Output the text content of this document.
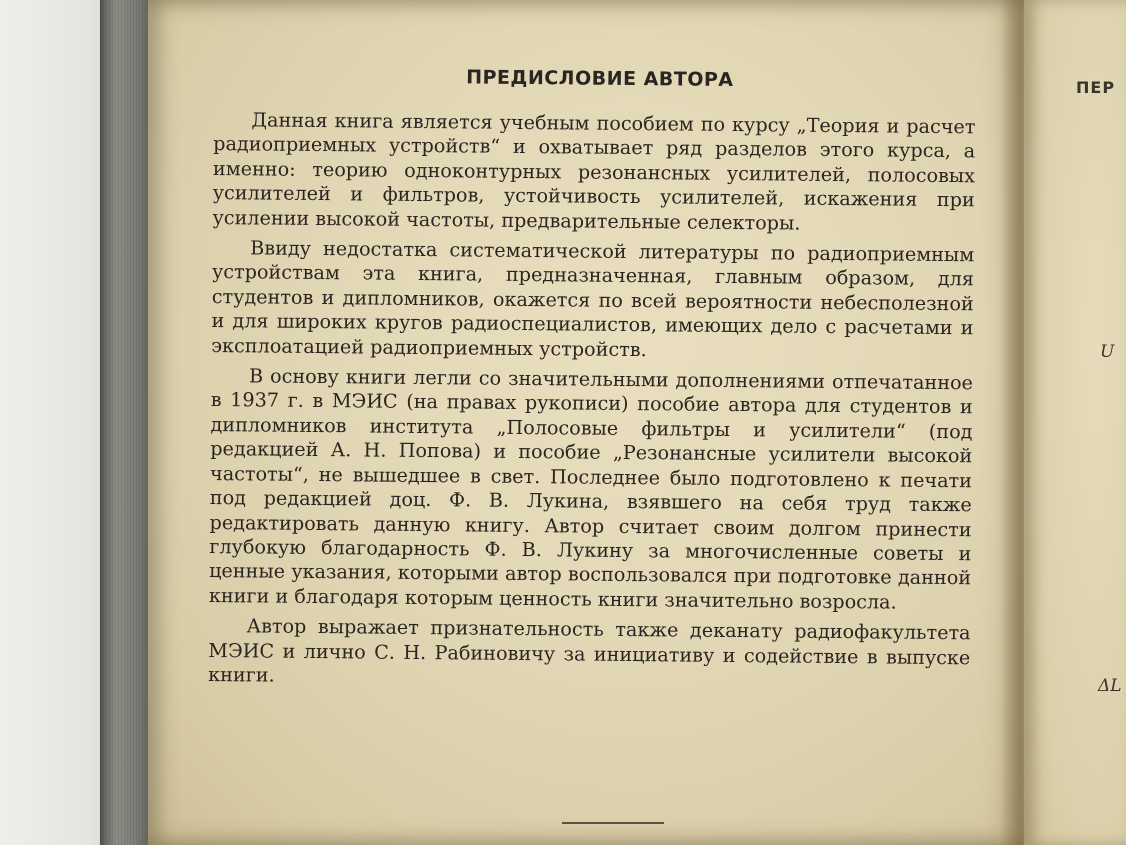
ПРЕДИСЛОВИЕ АВТОРА

Данная книга является учебным пособием по курсу „Теория и расчет радиоприемных устройств“ и охватывает ряд разделов этого курса, а именно: теорию одноконтурных резонансных усилителей, полосовых усилителей и фильтров, устойчивость усилителей, искажения при усилении высокой частоты, предварительные селекторы.

Ввиду недостатка систематической литературы по радиоприемным устройствам эта книга, предназначенная, главным образом, для студентов и дипломников, окажется по всей вероятности небесполезной и для широких кругов радиоспециалистов, имеющих дело с расчетами и эксплоатацией радиоприемных устройств.

В основу книги легли со значительными дополнениями отпечатанное в 1937 г. в МЭИС (на правах рукописи) пособие автора для студентов и дипломников института „Полосовые фильтры и усилители“ (под редакцией А. Н. Попова) и пособие „Резонансные усилители высокой частоты“, не вышедшее в свет. Последнее было подготовлено к печати под редакцией доц. Ф. В. Лукина, взявшего на себя труд также редактировать данную книгу. Автор считает своим долгом принести глубокую благодарность Ф. В. Лукину за многочисленные советы и ценные указания, которыми автор воспользовался при подготовке данной книги и благодаря которым ценность книги значительно возросла.

Автор выражает признательность также деканату радиофакультета МЭИС и лично С. Н. Рабиновичу за инициативу и содействие в выпуске книги.

ПЕР
U
ΔL
